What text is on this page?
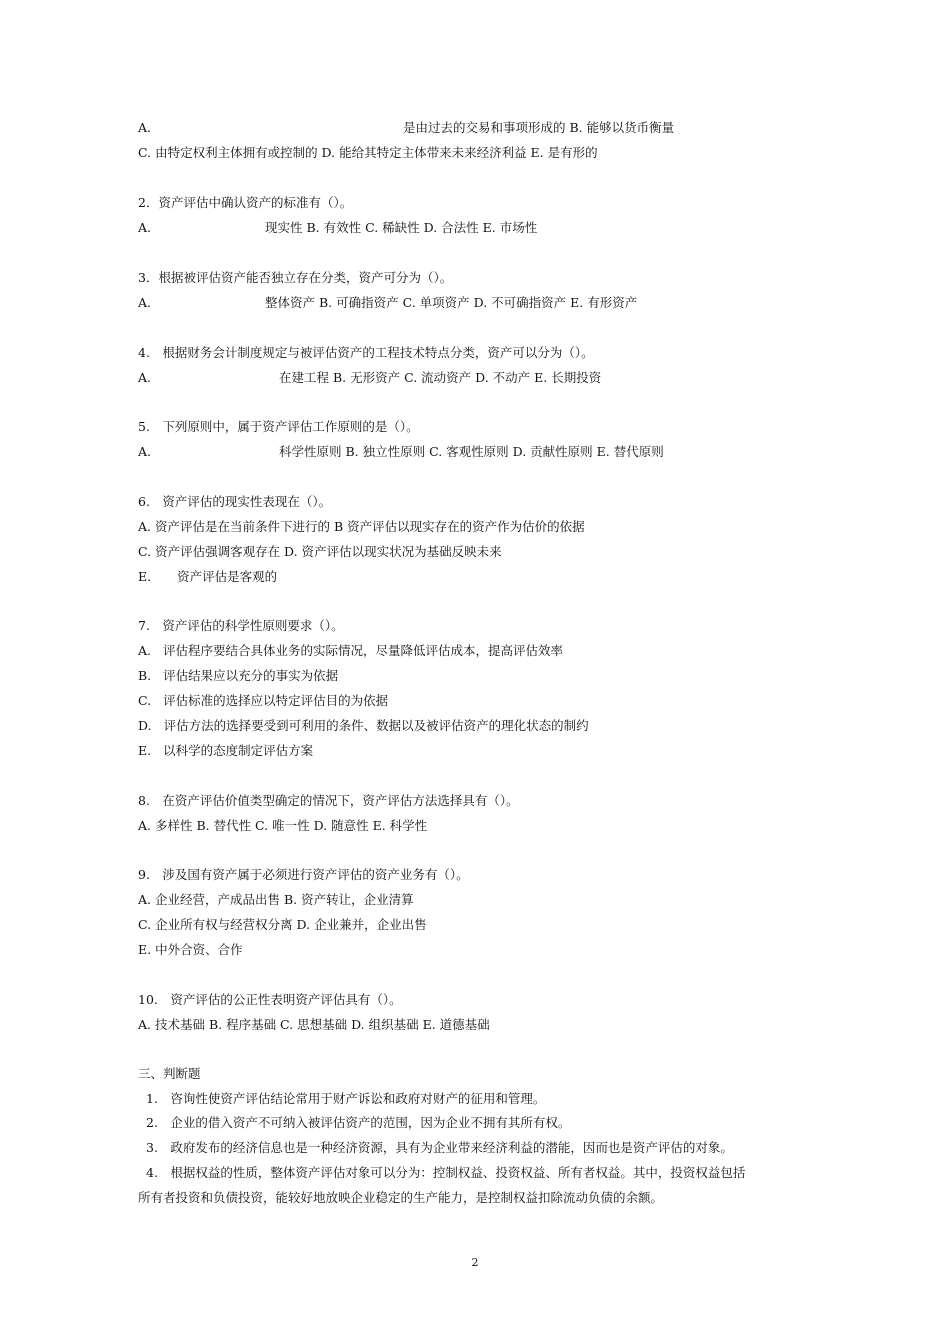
A.	是由过去的交易和事项形成的 B. 能够以货币衡量
C. 由特定权利主体拥有或控制的 D. 能给其特定主体带来未来经济利益 E. 是有形的
2．资产评估中确认资产的标准有（）。
A.	现实性 B. 有效性 C. 稀缺性 D. 合法性 E. 市场性
3．根据被评估资产能否独立存在分类，资产可分为（）。
A.	整体资产 B. 可确指资产 C. 单项资产 D. 不可确指资产 E. 有形资产
4.　根据财务会计制度规定与被评估资产的工程技术特点分类，资产可以分为（）。
A.	在建工程 B. 无形资产 C. 流动资产 D. 不动产 E. 长期投资
5.　下列原则中，属于资产评估工作原则的是（）。
A.	科学性原则 B. 独立性原则 C. 客观性原则 D. 贡献性原则 E. 替代原则
6.　资产评估的现实性表现在（）。
A. 资产评估是在当前条件下进行的 B 资产评估以现实存在的资产作为估价的依据
C. 资产评估强调客观存在 D. 资产评估以现实状况为基础反映未来
E. 资产评估是客观的
7.　资产评估的科学性原则要求（）。
A. 评估程序要结合具体业务的实际情况，尽量降低评估成本，提高评估效率
B. 评估结果应以充分的事实为依据
C. 评估标准的选择应以特定评估目的为依据
D. 评估方法的选择要受到可利用的条件、数据以及被评估资产的理化状态的制约
E. 以科学的态度制定评估方案
8.　在资产评估价值类型确定的情况下，资产评估方法选择具有（）。
A. 多样性 B. 替代性 C. 唯一性 D. 随意性 E. 科学性
9.　涉及国有资产属于必须进行资产评估的资产业务有（）。
A. 企业经营，产成品出售 B. 资产转让，企业清算
C. 企业所有权与经营权分离 D. 企业兼并，企业出售
E. 中外合资、合作
10.　资产评估的公正性表明资产评估具有（）。
A. 技术基础 B. 程序基础 C. 思想基础 D. 组织基础 E. 道德基础
三、判断题
1.　咨询性使资产评估结论常用于财产诉讼和政府对财产的征用和管理。
2.　企业的借入资产不可纳入被评估资产的范围，因为企业不拥有其所有权。
3.　政府发布的经济信息也是一种经济资源，具有为企业带来经济利益的潜能，因而也是资产评估的对象。
4.　根据权益的性质，整体资产评估对象可以分为：控制权益、投资权益、所有者权益。其中，投资权益包括
所有者投资和负债投资，能较好地放映企业稳定的生产能力，是控制权益扣除流动负债的余额。
2
